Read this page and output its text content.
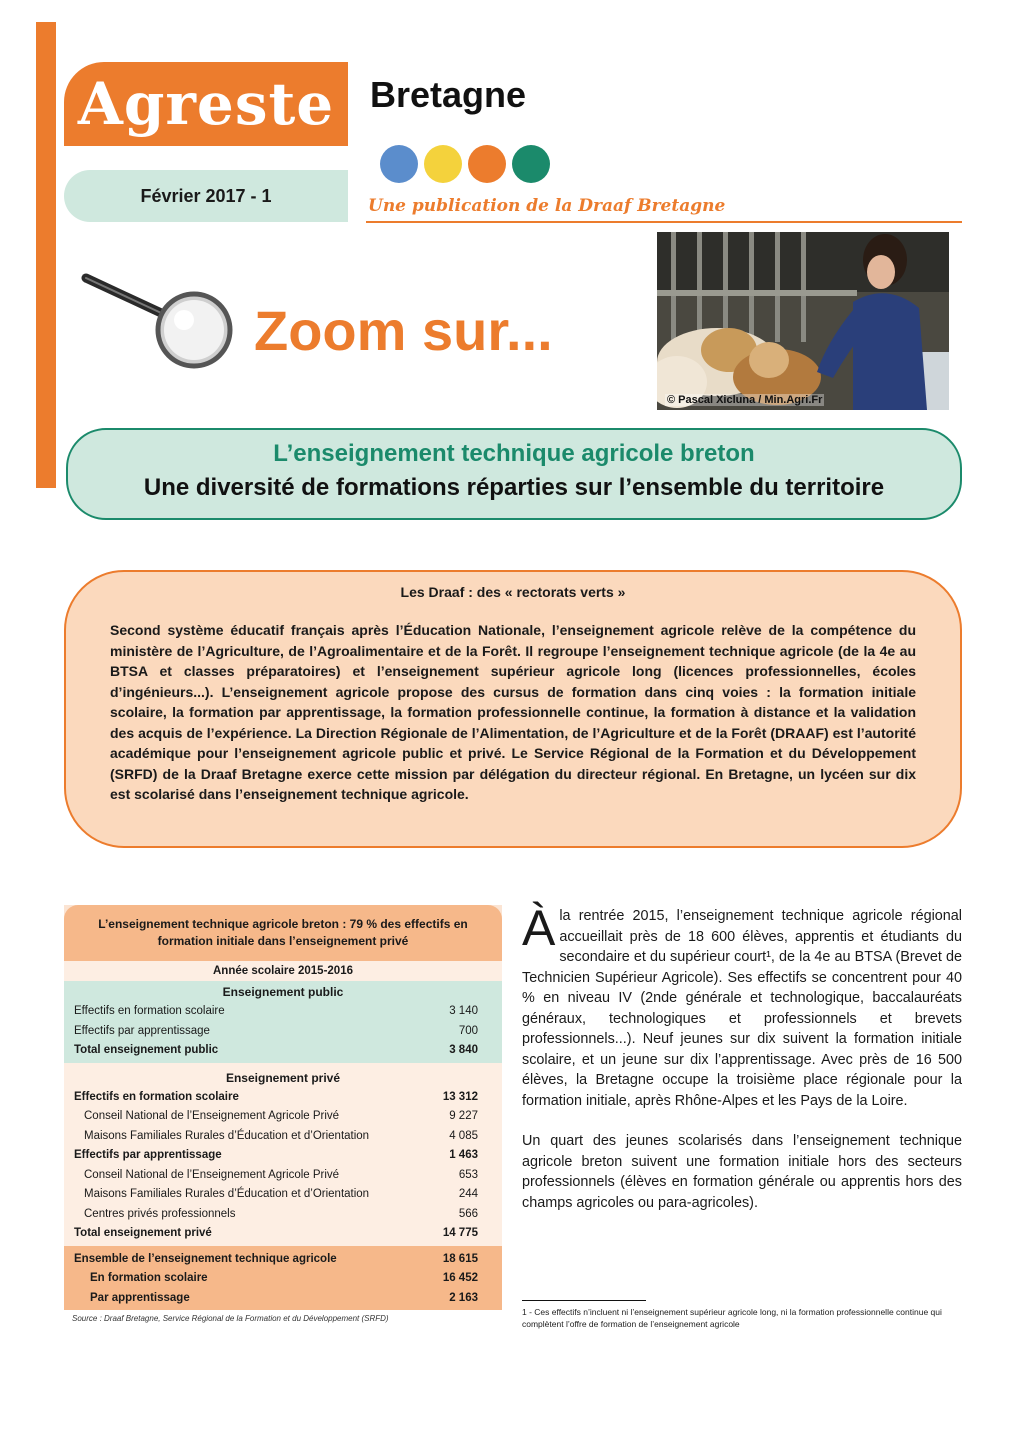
Agreste Bretagne - Février 2017 - 1
Agreste Bretagne
Février 2017 - 1
Une publication de la Draaf Bretagne
Zoom sur...
© Pascal Xicluna / Min.Agri.Fr
L’enseignement technique agricole breton
Une diversité de formations réparties sur l’ensemble du territoire
Les Draaf : des « rectorats verts »
Second système éducatif français après l’Éducation Nationale, l’enseignement agricole relève de la compétence du ministère de l’Agriculture, de l’Agroalimentaire et de la Forêt. Il regroupe l’enseignement technique agricole (de la 4e au BTSA et classes préparatoires) et l’enseignement supérieur agricole long (licences professionnelles, écoles d’ingénieurs...). L’enseignement agricole propose des cursus de formation dans cinq voies : la formation initiale scolaire, la formation par apprentissage, la formation professionnelle continue, la formation à distance et la validation des acquis de l’expérience. La Direction Régionale de l’Alimentation, de l’Agriculture et de la Forêt (DRAAF) est l’autorité académique pour l’enseignement agricole public et privé. Le Service Régional de la Formation et du Développement (SRFD) de la Draaf Bretagne exerce cette mission par délégation du directeur régional. En Bretagne, un lycéen sur dix est scolarisé dans l’enseignement technique agricole.
L’enseignement technique agricole breton : 79 % des effectifs en formation initiale dans l’enseignement privé
Année scolaire 2015-2016
Enseignement public
Effectifs en formation scolaire	3 140
Effectifs par apprentissage	700
Total enseignement public	3 840
Enseignement privé
Effectifs en formation scolaire	13 312
Conseil National de l’Enseignement Agricole Privé	9 227
Maisons Familiales Rurales d’Éducation et d’Orientation	4 085
Effectifs par apprentissage	1 463
Conseil National de l’Enseignement Agricole Privé	653
Maisons Familiales Rurales d’Éducation et d’Orientation	244
Centres privés professionnels	566
Total enseignement privé	14 775
Ensemble de l’enseignement technique agricole	18 615
En formation scolaire	16 452
Par apprentissage	2 163
Source : Draaf Bretagne, Service Régional de la Formation et du Développement (SRFD)

Àla rentrée 2015, l’enseignement technique agricole régional accueillait près de 18 600 élèves, apprentis et étudiants du secondaire et du supérieur court¹, de la 4e au BTSA (Brevet de Technicien Supérieur Agricole). Ses effectifs se concentrent pour 40 % en niveau IV (2nde générale et technologique, baccalauréats généraux, technologiques et professionnels et brevets professionnels...). Neuf jeunes sur dix suivent la formation initiale scolaire, et un jeune sur dix l’apprentissage. Avec près de 16 500 élèves, la Bretagne occupe la troisième place régionale pour la formation initiale, après Rhône-Alpes et les Pays de la Loire.

Un quart des jeunes scolarisés dans l’enseignement technique agricole breton suivent une formation initiale hors des secteurs professionnels (élèves en formation générale ou apprentis hors des champs agricoles ou para-agricoles).

1 - Ces effectifs n’incluent ni l’enseignement supérieur agricole long, ni la formation professionnelle continue qui complètent l’offre de formation de l’enseignement agricole
